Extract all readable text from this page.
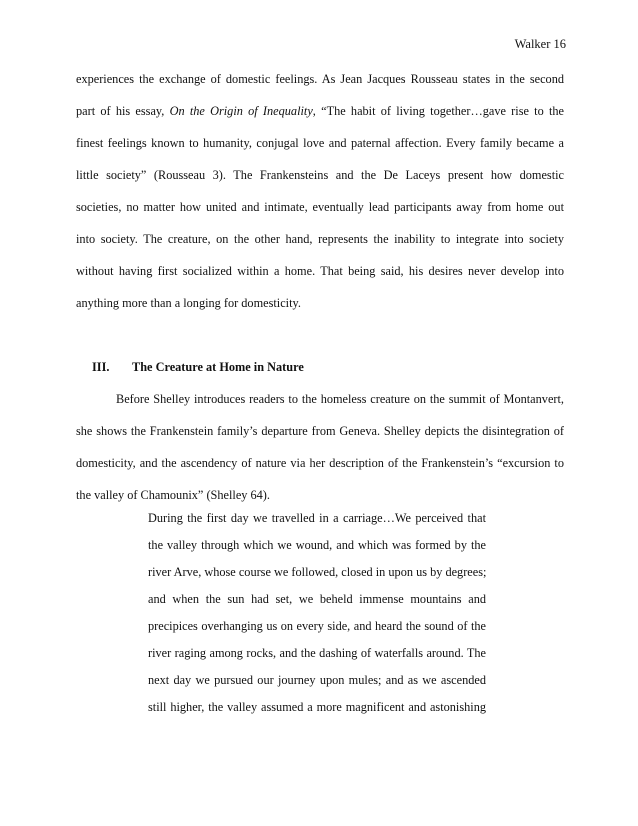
Walker 16
experiences the exchange of domestic feelings. As Jean Jacques Rousseau states in the second
part of his essay, On the Origin of Inequality, “The habit of living together…gave rise to the
finest feelings known to humanity, conjugal love and paternal affection. Every family became a
little society” (Rousseau 3). The Frankensteins and the De Laceys present how domestic
societies, no matter how united and intimate, eventually lead participants away from home out
into society. The creature, on the other hand, represents the inability to integrate into society
without having first socialized within a home. That being said, his desires never develop into
anything more than a longing for domesticity.
III. The Creature at Home in Nature
Before Shelley introduces readers to the homeless creature on the summit of Montanvert,
she shows the Frankenstein family’s departure from Geneva. Shelley depicts the disintegration of
domesticity, and the ascendency of nature via her description of the Frankenstein’s “excursion to
the valley of Chamounix” (Shelley 64).
During the first day we travelled in a carriage…We perceived that
the valley through which we wound, and which was formed by the
river Arve, whose course we followed, closed in upon us by degrees;
and when the sun had set, we beheld immense mountains and
precipices overhanging us on every side, and heard the sound of the
river raging among rocks, and the dashing of waterfalls around. The
next day we pursued our journey upon mules; and as we ascended
still higher, the valley assumed a more magnificent and astonishing
